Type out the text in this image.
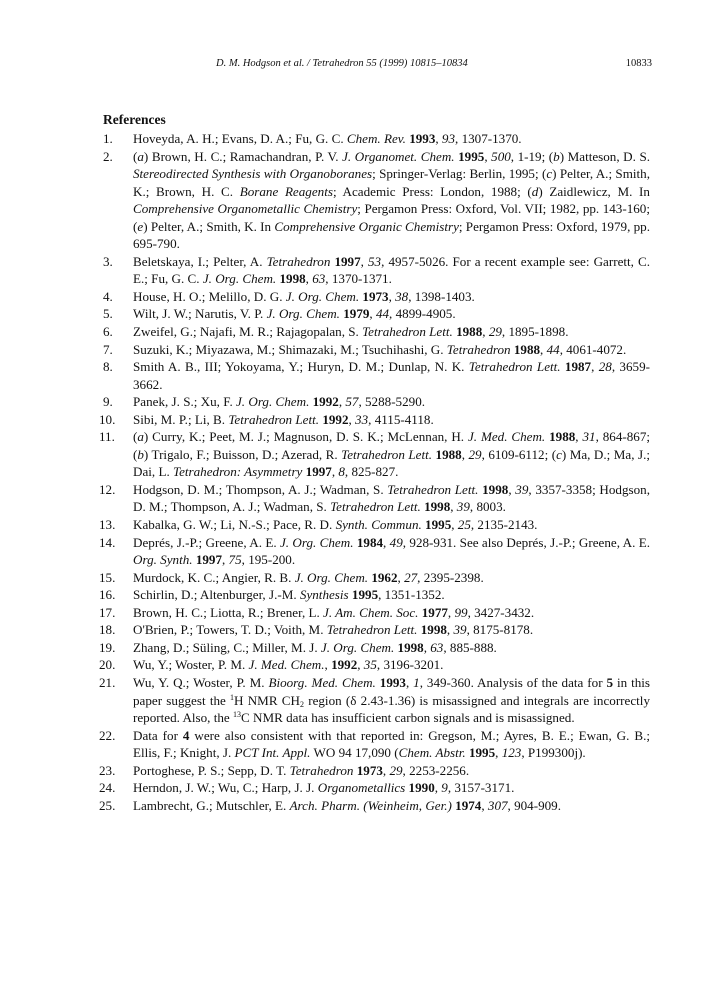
D. M. Hodgson et al. / Tetrahedron 55 (1999) 10815–10834	10833
References
1.	Hoveyda, A. H.; Evans, D. A.; Fu, G. C. Chem. Rev. 1993, 93, 1307-1370.
2.	(a) Brown, H. C.; Ramachandran, P. V. J. Organomet. Chem. 1995, 500, 1-19; (b) Matteson, D. S. Stereodirected Synthesis with Organoboranes; Springer-Verlag: Berlin, 1995; (c) Pelter, A.; Smith, K.; Brown, H. C. Borane Reagents; Academic Press: London, 1988; (d) Zaidlewicz, M. In Comprehensive Organometallic Chemistry; Pergamon Press: Oxford, Vol. VII; 1982, pp. 143-160; (e) Pelter, A.; Smith, K. In Comprehensive Organic Chemistry; Pergamon Press: Oxford, 1979, pp. 695-790.
3.	Beletskaya, I.; Pelter, A. Tetrahedron 1997, 53, 4957-5026. For a recent example see: Garrett, C. E.; Fu, G. C. J. Org. Chem. 1998, 63, 1370-1371.
4.	House, H. O.; Melillo, D. G. J. Org. Chem. 1973, 38, 1398-1403.
5.	Wilt, J. W.; Narutis, V. P. J. Org. Chem. 1979, 44, 4899-4905.
6.	Zweifel, G.; Najafi, M. R.; Rajagopalan, S. Tetrahedron Lett. 1988, 29, 1895-1898.
7.	Suzuki, K.; Miyazawa, M.; Shimazaki, M.; Tsuchihashi, G. Tetrahedron 1988, 44, 4061-4072.
8.	Smith A. B., III; Yokoyama, Y.; Huryn, D. M.; Dunlap, N. K. Tetrahedron Lett. 1987, 28, 3659-3662.
9.	Panek, J. S.; Xu, F. J. Org. Chem. 1992, 57, 5288-5290.
10.	Sibi, M. P.; Li, B. Tetrahedron Lett. 1992, 33, 4115-4118.
11.	(a) Curry, K.; Peet, M. J.; Magnuson, D. S. K.; McLennan, H. J. Med. Chem. 1988, 31, 864-867; (b) Trigalo, F.; Buisson, D.; Azerad, R. Tetrahedron Lett. 1988, 29, 6109-6112; (c) Ma, D.; Ma, J.; Dai, L. Tetrahedron: Asymmetry 1997, 8, 825-827.
12.	Hodgson, D. M.; Thompson, A. J.; Wadman, S. Tetrahedron Lett. 1998, 39, 3357-3358; Hodgson, D. M.; Thompson, A. J.; Wadman, S. Tetrahedron Lett. 1998, 39, 8003.
13.	Kabalka, G. W.; Li, N.-S.; Pace, R. D. Synth. Commun. 1995, 25, 2135-2143.
14.	Deprés, J.-P.; Greene, A. E. J. Org. Chem. 1984, 49, 928-931. See also Deprés, J.-P.; Greene, A. E. Org. Synth. 1997, 75, 195-200.
15.	Murdock, K. C.; Angier, R. B. J. Org. Chem. 1962, 27, 2395-2398.
16.	Schirlin, D.; Altenburger, J.-M. Synthesis 1995, 1351-1352.
17.	Brown, H. C.; Liotta, R.; Brener, L. J. Am. Chem. Soc. 1977, 99, 3427-3432.
18.	O'Brien, P.; Towers, T. D.; Voith, M. Tetrahedron Lett. 1998, 39, 8175-8178.
19.	Zhang, D.; Süling, C.; Miller, M. J. J. Org. Chem. 1998, 63, 885-888.
20.	Wu, Y.; Woster, P. M. J. Med. Chem., 1992, 35, 3196-3201.
21.	Wu, Y. Q.; Woster, P. M. Bioorg. Med. Chem. 1993, 1, 349-360. Analysis of the data for 5 in this paper suggest the $^1$H NMR $CH_2$ region (δ 2.43-1.36) is misassigned and integrals are incorrectly reported. Also, the $^{13}$C NMR data has insufficient carbon signals and is misassigned.
22.	Data for 4 were also consistent with that reported in: Gregson, M.; Ayres, B. E.; Ewan, G. B.; Ellis, F.; Knight, J. PCT Int. Appl. WO 94 17,090 (Chem. Abstr. 1995, 123, P199300j).
23.	Portoghese, P. S.; Sepp, D. T. Tetrahedron 1973, 29, 2253-2256.
24.	Herndon, J. W.; Wu, C.; Harp, J. J. Organometallics 1990, 9, 3157-3171.
25.	Lambrecht, G.; Mutschler, E. Arch. Pharm. (Weinheim, Ger.) 1974, 307, 904-909.
